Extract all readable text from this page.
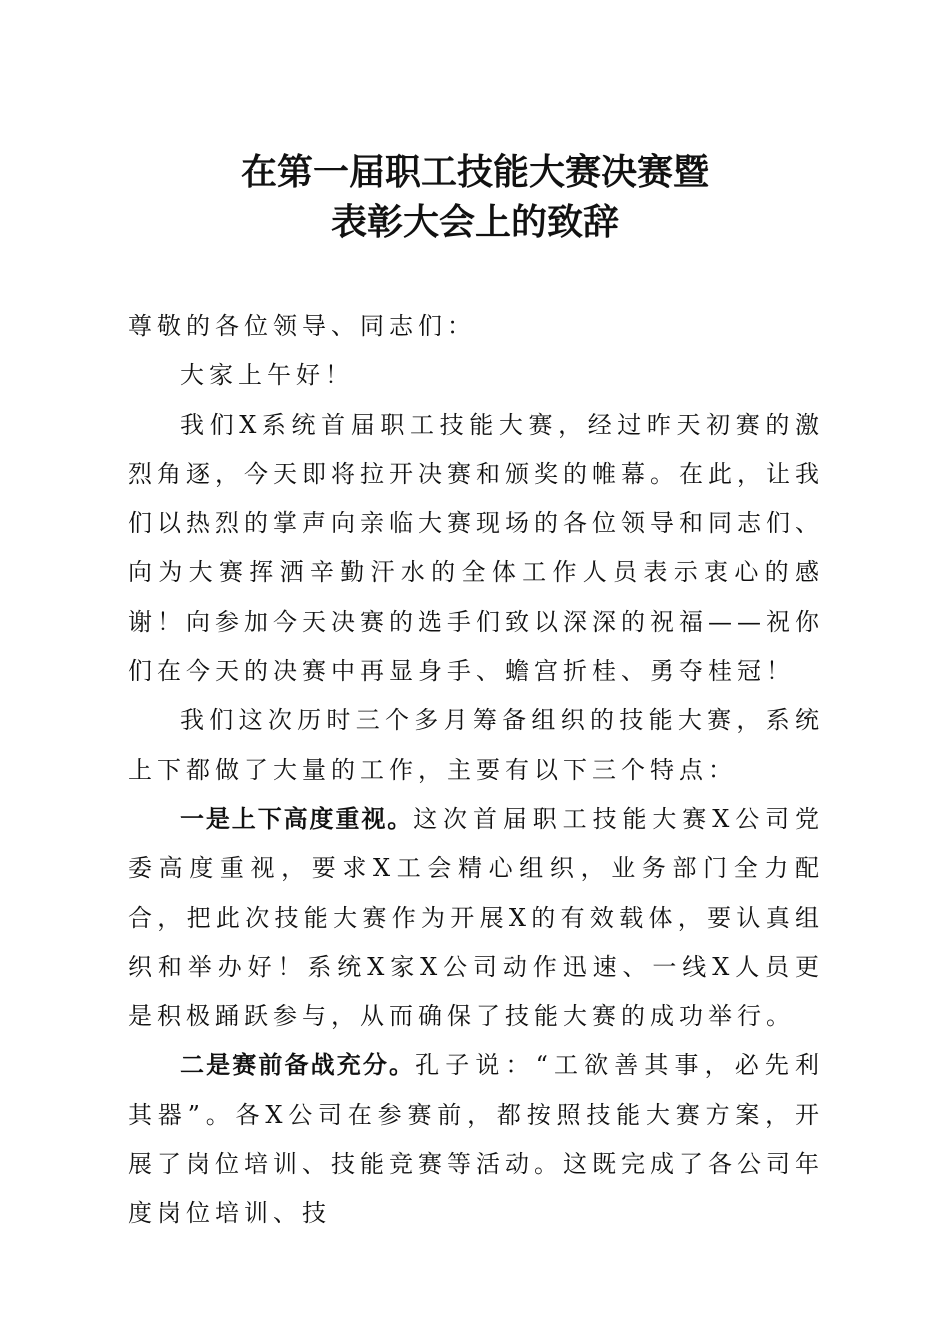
在第一届职工技能大赛决赛暨
表彰大会上的致辞

尊敬的各位领导、同志们：

大家上午好！

我们X系统首届职工技能大赛，经过昨天初赛的激烈角逐，今天即将拉开决赛和颁奖的帷幕。在此，让我们以热烈的掌声向亲临大赛现场的各位领导和同志们、向为大赛挥洒辛勤汗水的全体工作人员表示衷心的感谢！向参加今天决赛的选手们致以深深的祝福——祝你们在今天的决赛中再显身手、蟾宫折桂、勇夺桂冠！

我们这次历时三个多月筹备组织的技能大赛，系统上下都做了大量的工作，主要有以下三个特点：

一是上下高度重视。这次首届职工技能大赛X公司党委高度重视，要求X工会精心组织，业务部门全力配合，把此次技能大赛作为开展X的有效载体，要认真组织和举办好！系统X家X公司动作迅速、一线X人员更是积极踊跃参与，从而确保了技能大赛的成功举行。

二是赛前备战充分。孔子说：“工欲善其事，必先利其器”。各X公司在参赛前，都按照技能大赛方案，开展了岗位培训、技能竞赛等活动。这既完成了各公司年度岗位培训、技
